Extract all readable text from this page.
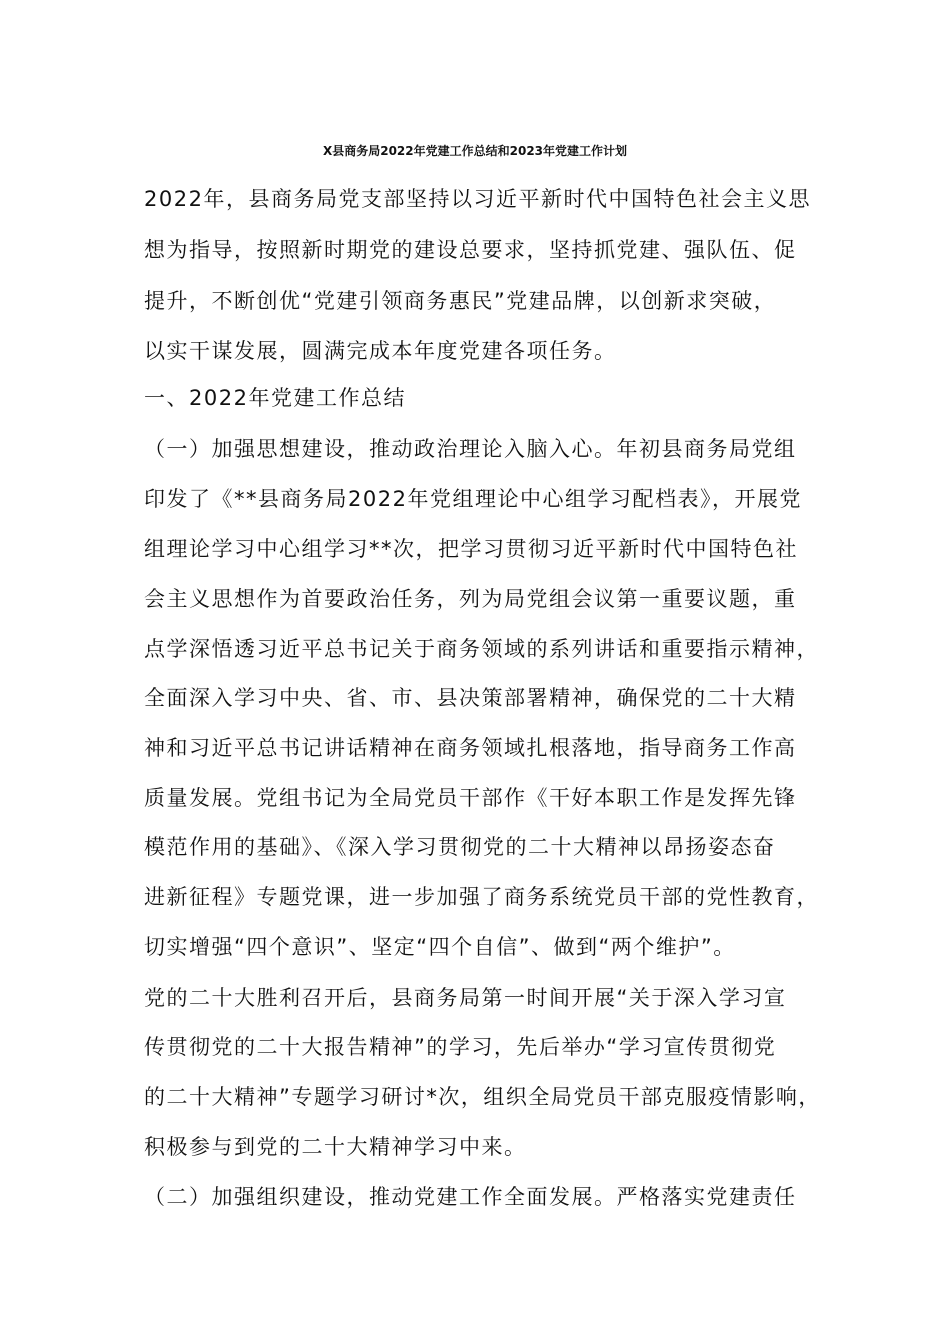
X县商务局2022年党建工作总结和2023年党建工作计划
2022年，县商务局党支部坚持以习近平新时代中国特色社会主义思
想为指导，按照新时期党的建设总要求，坚持抓党建、强队伍、促
提升，不断创优“党建引领商务惠民”党建品牌，以创新求突破，
以实干谋发展，圆满完成本年度党建各项任务。
一、2022年党建工作总结
（一）加强思想建设，推动政治理论入脑入心。年初县商务局党组
印发了《**县商务局2022年党组理论中心组学习配档表》，开展党
组理论学习中心组学习**次，把学习贯彻习近平新时代中国特色社
会主义思想作为首要政治任务，列为局党组会议第一重要议题，重
点学深悟透习近平总书记关于商务领域的系列讲话和重要指示精神，
全面深入学习中央、省、市、县决策部署精神，确保党的二十大精
神和习近平总书记讲话精神在商务领域扎根落地，指导商务工作高
质量发展。党组书记为全局党员干部作《干好本职工作是发挥先锋
模范作用的基础》、《深入学习贯彻党的二十大精神以昂扬姿态奋
进新征程》专题党课，进一步加强了商务系统党员干部的党性教育，
切实增强“四个意识”、坚定“四个自信”、做到“两个维护”。
党的二十大胜利召开后，县商务局第一时间开展“关于深入学习宣
传贯彻党的二十大报告精神”的学习，先后举办“学习宣传贯彻党
的二十大精神”专题学习研讨*次，组织全局党员干部克服疫情影响，
积极参与到党的二十大精神学习中来。
（二）加强组织建设，推动党建工作全面发展。严格落实党建责任
